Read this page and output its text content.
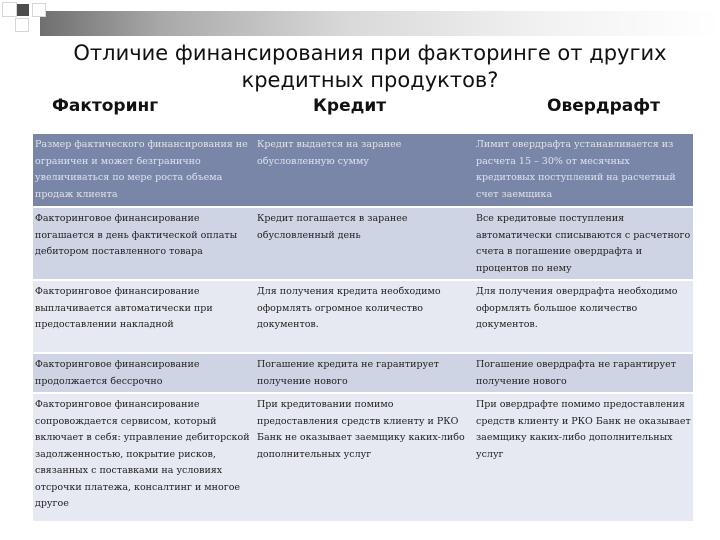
Отличие финансирования при факторинге от других кредитных продуктов?
Факторинг	Кредит	Овердрафт
Размер фактического финансирования не ограничен и может безгранично увеличиваться по мере роста объема продаж клиента	Кредит выдается на заранее обусловленную сумму	Лимит овердрафта устанавливается из расчета 15 – 30% от месячных кредитовых поступлений на расчетный счет заемщика
Факторинговое финансирование погашается в день фактической оплаты дебитором поставленного товара	Кредит погашается в заранее обусловленный день	Все кредитовые поступления автоматически списываются с расчетного счета в погашение овердрафта и процентов по нему
Факторинговое финансирование выплачивается автоматически при предоставлении накладной	Для получения кредита необходимо оформлять огромное количество документов.	Для получения овердрафта необходимо оформлять большое количество документов.
Факторинговое финансирование продолжается бессрочно	Погашение кредита не гарантирует получение нового	Погашение овердрафта не гарантирует получение нового
Факторинговое финансирование сопровождается сервисом, который включает в себя: управление дебиторской задолженностью, покрытие рисков, связанных с поставками на условиях отсрочки платежа, консалтинг и многое другое	При кредитовании помимо предоставления средств клиенту и РКО Банк не оказывает заемщику каких-либо дополнительных услуг	При овердрафте помимо предоставления средств клиенту и РКО Банк не оказывает заемщику каких-либо дополнительных услуг
